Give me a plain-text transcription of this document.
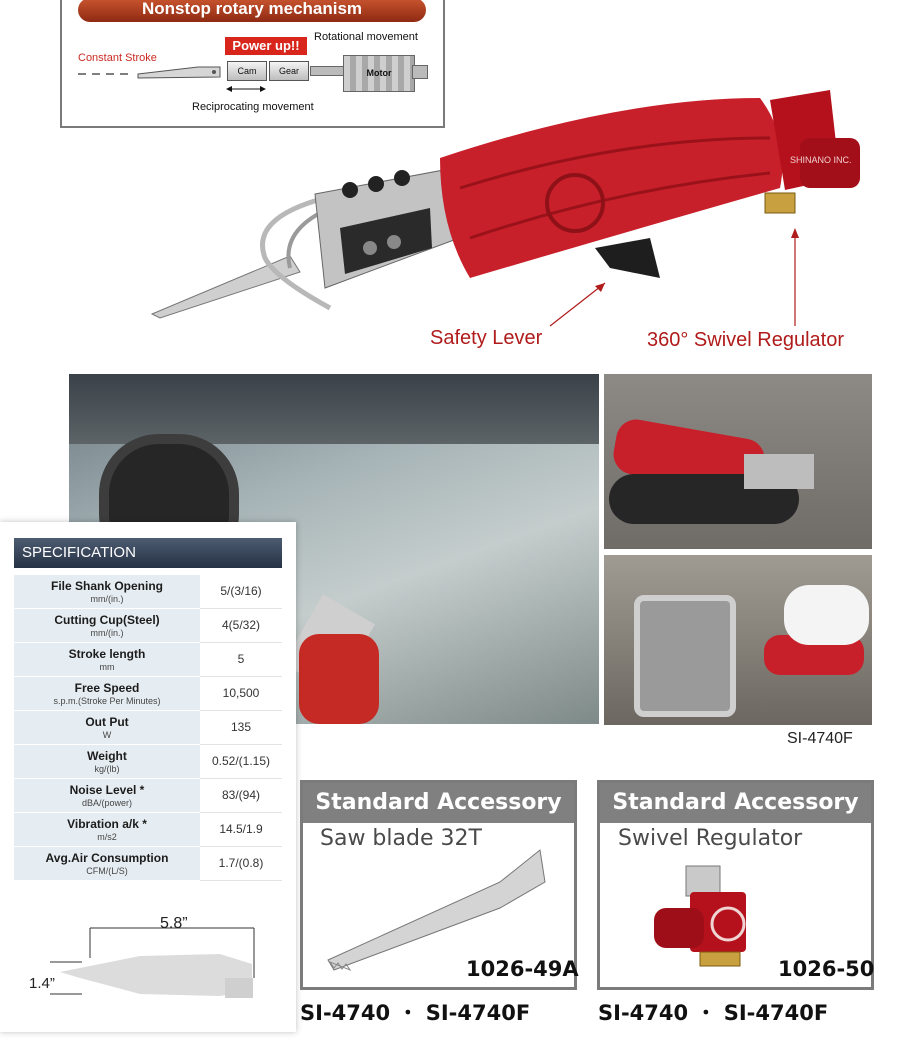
Nonstop rotary mechanism
Constant Stroke
Power up!!
Rotational movement
Cam	Gear	Motor
Reciprocating movement
SHINANO INC.
Safety Lever	360° Swivel Regulator
SI-4740F
SPECIFICATION
File Shank Opening
mm/(in.)
5/(3/16)
Cutting Cup(Steel)
mm/(in.)
4(5/32)
Stroke length
mm
5
Free Speed
s.p.m.(Stroke Per Minutes)
10,500
Out Put
W
135
Weight
kg/(lb)
0.52/(1.15)
Noise Level *
dBA/(power)
83/(94)
Vibration a/k *
m/s2
14.5/1.9
Avg.Air Consumption
CFM/(L/S)
1.7/(0.8)
5.8”
1.4”
Standard Accessory
Saw blade 32T
1026-49A
SI-4740 ・ SI-4740F
Standard Accessory
Swivel Regulator
1026-50
SI-4740 ・ SI-4740F
